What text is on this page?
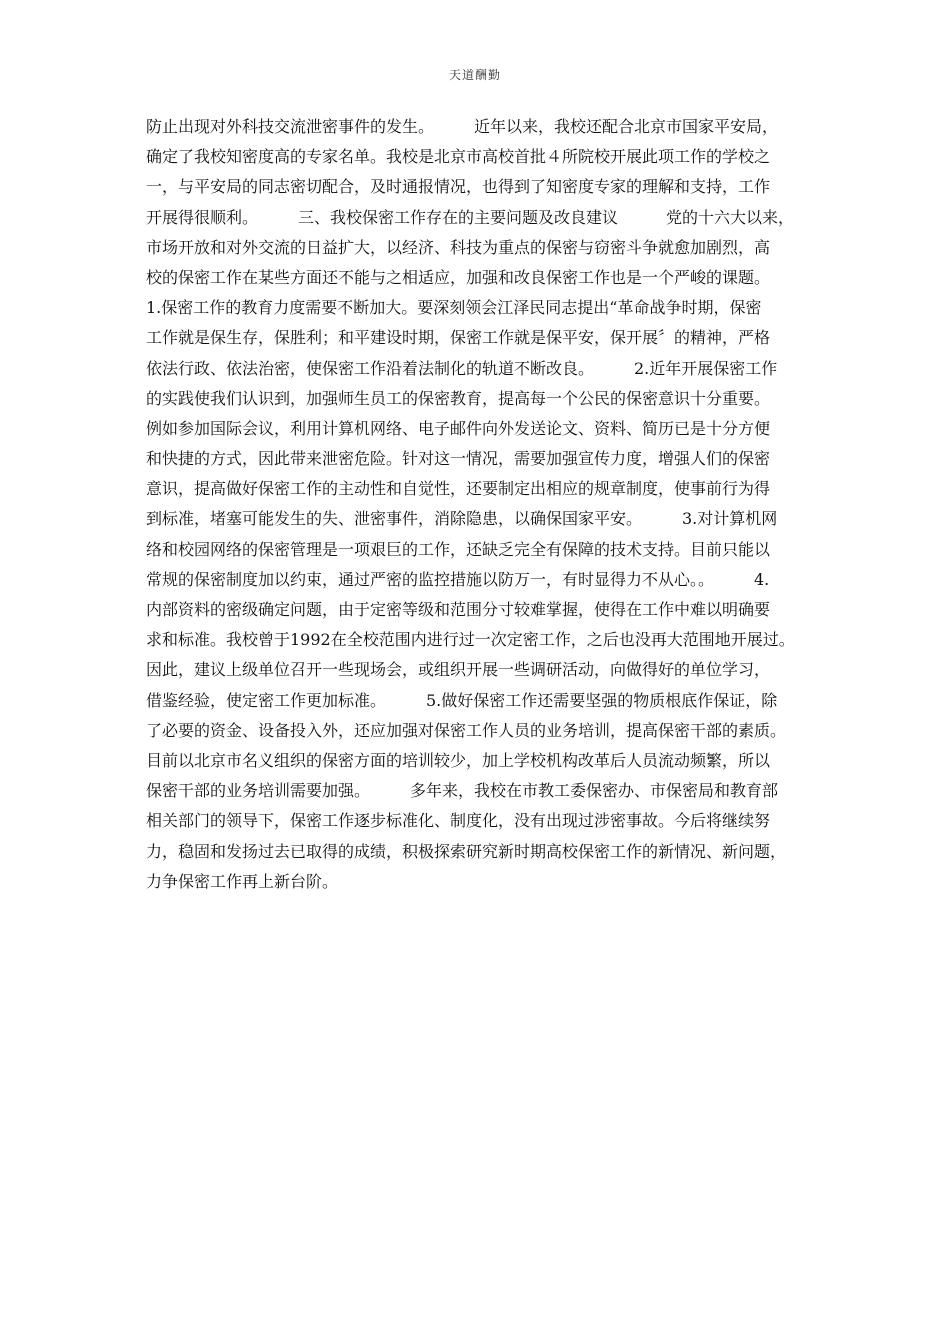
天道酬勤
防止出现对外科技交流泄密事件的发生。　　　近年以来，我校还配合北京市国家平安局，
确定了我校知密度高的专家名单。我校是北京市高校首批４所院校开展此项工作的学校之
一，与平安局的同志密切配合，及时通报情况，也得到了知密度专家的理解和支持，工作
开展得很顺利。　　　三、我校保密工作存在的主要问题及改良建议　　　党的十六大以来，
市场开放和对外交流的日益扩大，以经济、科技为重点的保密与窃密斗争就愈加剧烈，高
校的保密工作在某些方面还不能与之相适应，加强和改良保密工作也是一个严峻的课题。
1.保密工作的教育力度需要不断加大。要深刻领会江泽民同志提出“革命战争时期，保密
工作就是保生存，保胜利；和平建设时期，保密工作就是保平安，保开展〞的精神，严格
依法行政、依法治密，使保密工作沿着法制化的轨道不断改良。　　　2.近年开展保密工作
的实践使我们认识到，加强师生员工的保密教育，提高每一个公民的保密意识十分重要。
例如参加国际会议，利用计算机网络、电子邮件向外发送论文、资料、简历已是十分方便
和快捷的方式，因此带来泄密危险。针对这一情况，需要加强宣传力度，增强人们的保密
意识，提高做好保密工作的主动性和自觉性，还要制定出相应的规章制度，使事前行为得
到标准，堵塞可能发生的失、泄密事件，消除隐患，以确保国家平安。　　　3.对计算机网
络和校园网络的保密管理是一项艰巨的工作，还缺乏完全有保障的技术支持。目前只能以
常规的保密制度加以约束，通过严密的监控措施以防万一，有时显得力不从心。。　　　4.
内部资料的密级确定问题，由于定密等级和范围分寸较难掌握，使得在工作中难以明确要
求和标准。我校曾于1992在全校范围内进行过一次定密工作，之后也没再大范围地开展过。
因此，建议上级单位召开一些现场会，或组织开展一些调研活动，向做得好的单位学习，
借鉴经验，使定密工作更加标准。　　　5.做好保密工作还需要坚强的物质根底作保证，除
了必要的资金、设备投入外，还应加强对保密工作人员的业务培训，提高保密干部的素质。
目前以北京市名义组织的保密方面的培训较少，加上学校机构改革后人员流动频繁，所以
保密干部的业务培训需要加强。　　　多年来，我校在市教工委保密办、市保密局和教育部
相关部门的领导下，保密工作逐步标准化、制度化，没有出现过涉密事故。今后将继续努
力，稳固和发扬过去已取得的成绩，积极探索研究新时期高校保密工作的新情况、新问题，
力争保密工作再上新台阶。
